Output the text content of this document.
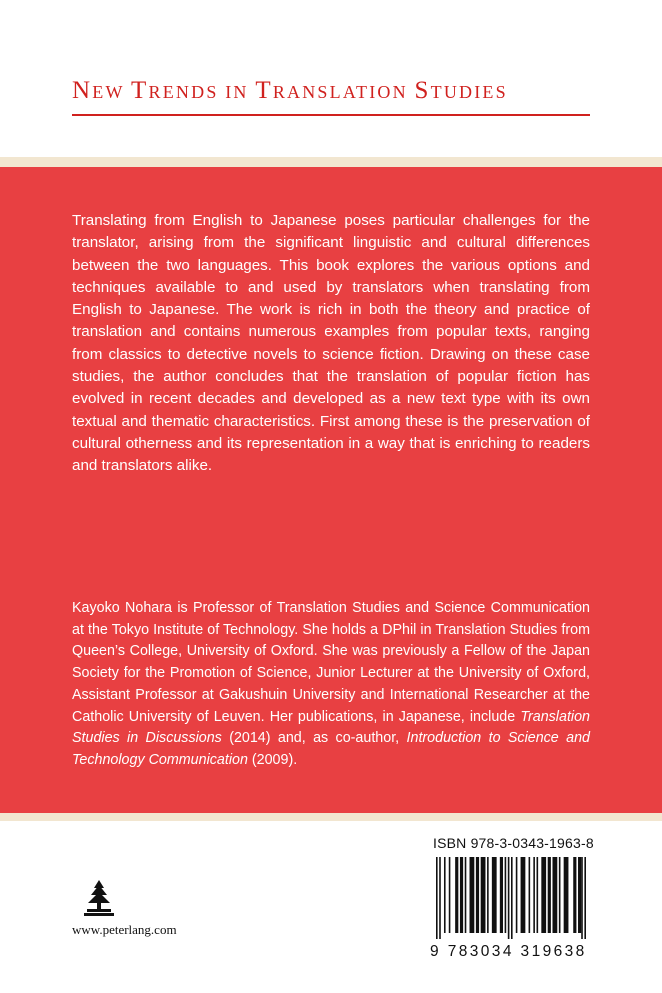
NEW TRENDS IN TRANSLATION STUDIES

Translating from English to Japanese poses particular challenges for the translator, arising from the significant linguistic and cultural differences between the two languages. This book explores the various options and techniques available to and used by translators when translating from English to Japanese. The work is rich in both the theory and practice of translation and contains numerous examples from popular texts, ranging from classics to detective novels to science fiction. Drawing on these case studies, the author concludes that the translation of popular fiction has evolved in recent decades and developed as a new text type with its own textual and thematic characteristics. First among these is the preservation of cultural otherness and its representation in a way that is enriching to readers and translators alike.

Kayoko Nohara is Professor of Translation Studies and Science Communication at the Tokyo Institute of Technology. She holds a DPhil in Translation Studies from Queen’s College, University of Oxford. She was previously a Fellow of the Japan Society for the Promotion of Science, Junior Lecturer at the University of Oxford, Assistant Professor at Gakushuin University and International Researcher at the Catholic University of Leuven. Her publications, in Japanese, include Translation Studies in Discussions (2014) and, as co-author, Introduction to Science and Technology Communication (2009).

www.peterlang.com
ISBN 978-3-0343-1963-8
9 783034 319638
